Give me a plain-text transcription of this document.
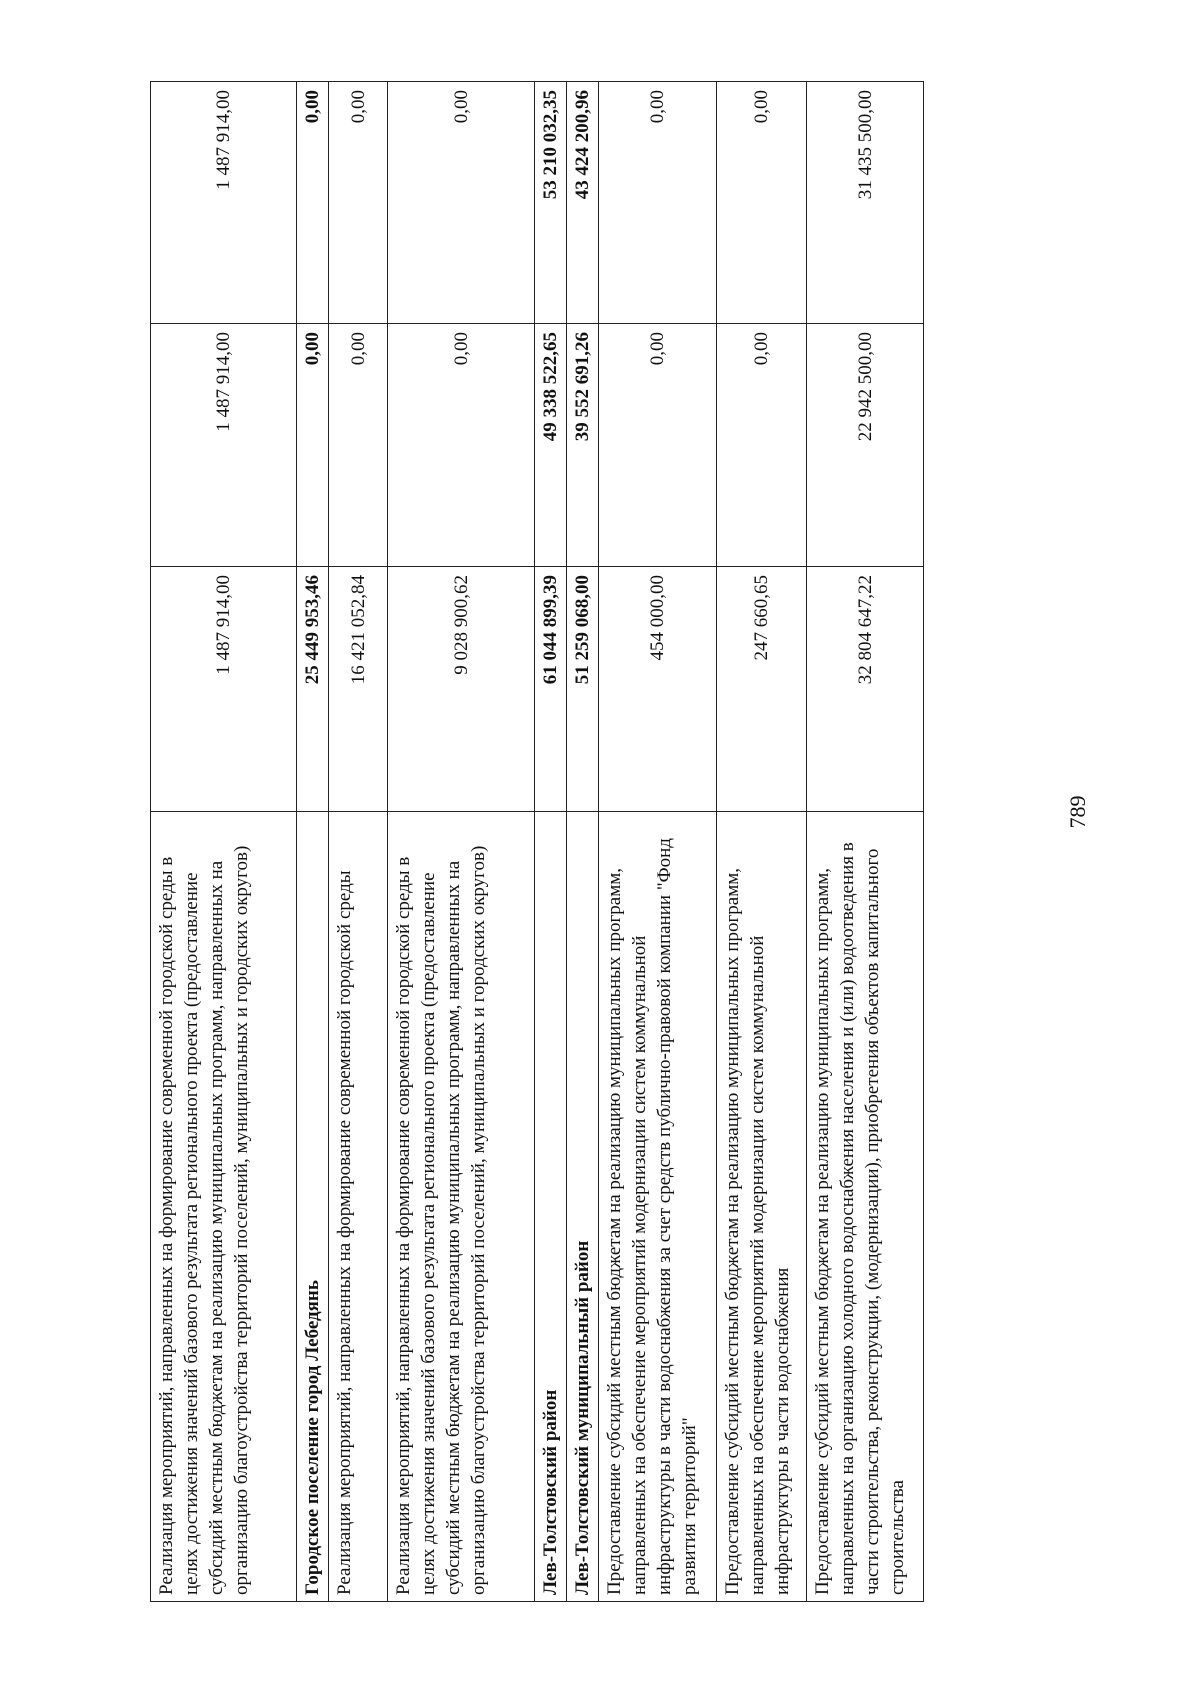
789
Реализация мероприятий, направленных на формирование современной городской среды в целях достижения значений базового результата регионального проекта (предоставление субсидий местным бюджетам на реализацию муниципальных программ, направленных на организацию благоустройства территорий поселений, муниципальных и городских округов)	1 487 914,00	1 487 914,00	1 487 914,00
Городское поселение город Лебедянь	25 449 953,46	0,00	0,00
Реализация мероприятий, направленных на формирование современной городской среды	16 421 052,84	0,00	0,00
Реализация мероприятий, направленных на формирование современной городской среды в целях достижения значений базового результата регионального проекта (предоставление субсидий местным бюджетам на реализацию муниципальных программ, направленных на организацию благоустройства территорий поселений, муниципальных и городских округов)	9 028 900,62	0,00	0,00
Лев-Толстовский район	61 044 899,39	49 338 522,65	53 210 032,35
Лев-Толстовский муниципальный район	51 259 068,00	39 552 691,26	43 424 200,96
Предоставление субсидий местным бюджетам на реализацию муниципальных программ, направленных на обеспечение мероприятий модернизации систем коммунальной инфраструктуры в части водоснабжения за счет средств публично-правовой компании "Фонд развития территорий"	454 000,00	0,00	0,00
Предоставление субсидий местным бюджетам на реализацию муниципальных программ, направленных на обеспечение мероприятий модернизации систем коммунальной инфраструктуры в части водоснабжения	247 660,65	0,00	0,00
Предоставление субсидий местным бюджетам на реализацию муниципальных программ, направленных на организацию холодного водоснабжения населения и (или) водоотведения в части строительства, реконструкции, (модернизации), приобретения объектов капитального строительства	32 804 647,22	22 942 500,00	31 435 500,00
